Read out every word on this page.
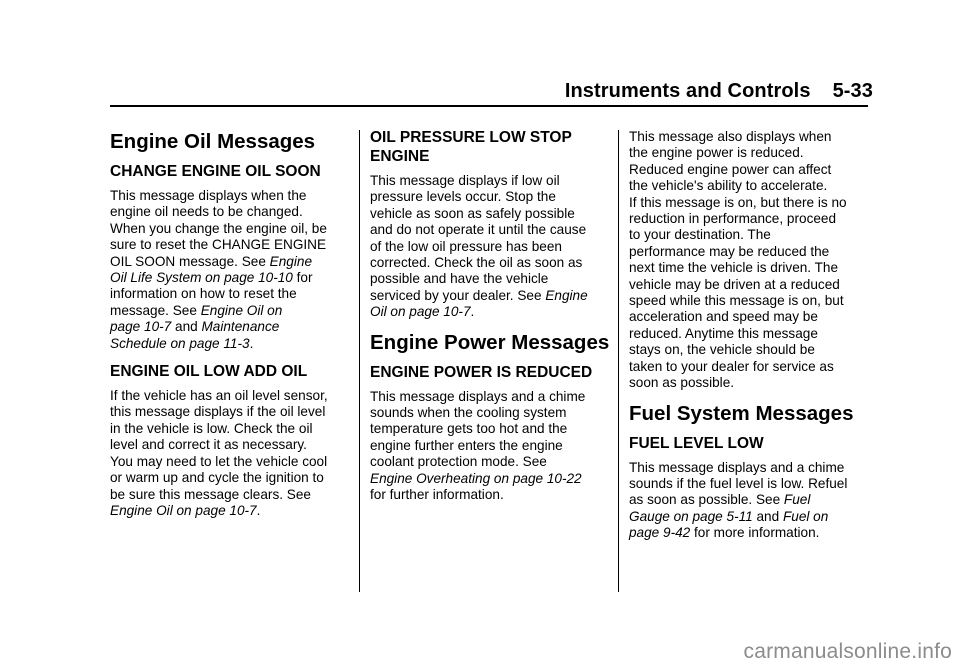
Instruments and Controls 5-33
Engine Oil Messages
CHANGE ENGINE OIL SOON

This message displays when the
engine oil needs to be changed.
When you change the engine oil, be
sure to reset the CHANGE ENGINE
OIL SOON message. See Engine
Oil Life System on page 10-10 for
information on how to reset the
message. See Engine Oil on
page 10-7 and Maintenance
Schedule on page 11-3.

ENGINE OIL LOW ADD OIL

If the vehicle has an oil level sensor,
this message displays if the oil level
in the vehicle is low. Check the oil
level and correct it as necessary.
You may need to let the vehicle cool
or warm up and cycle the ignition to
be sure this message clears. See
Engine Oil on page 10-7.

OIL PRESSURE LOW STOP ENGINE

This message displays if low oil
pressure levels occur. Stop the
vehicle as soon as safely possible
and do not operate it until the cause
of the low oil pressure has been
corrected. Check the oil as soon as
possible and have the vehicle
serviced by your dealer. See Engine
Oil on page 10-7.

Engine Power Messages
ENGINE POWER IS REDUCED

This message displays and a chime
sounds when the cooling system
temperature gets too hot and the
engine further enters the engine
coolant protection mode. See
Engine Overheating on page 10-22
for further information.

This message also displays when
the engine power is reduced.
Reduced engine power can affect
the vehicle's ability to accelerate.
If this message is on, but there is no
reduction in performance, proceed
to your destination. The
performance may be reduced the
next time the vehicle is driven. The
vehicle may be driven at a reduced
speed while this message is on, but
acceleration and speed may be
reduced. Anytime this message
stays on, the vehicle should be
taken to your dealer for service as
soon as possible.

Fuel System Messages
FUEL LEVEL LOW

This message displays and a chime
sounds if the fuel level is low. Refuel
as soon as possible. See Fuel
Gauge on page 5-11 and Fuel on
page 9-42 for more information.

carmanualsonline.info
